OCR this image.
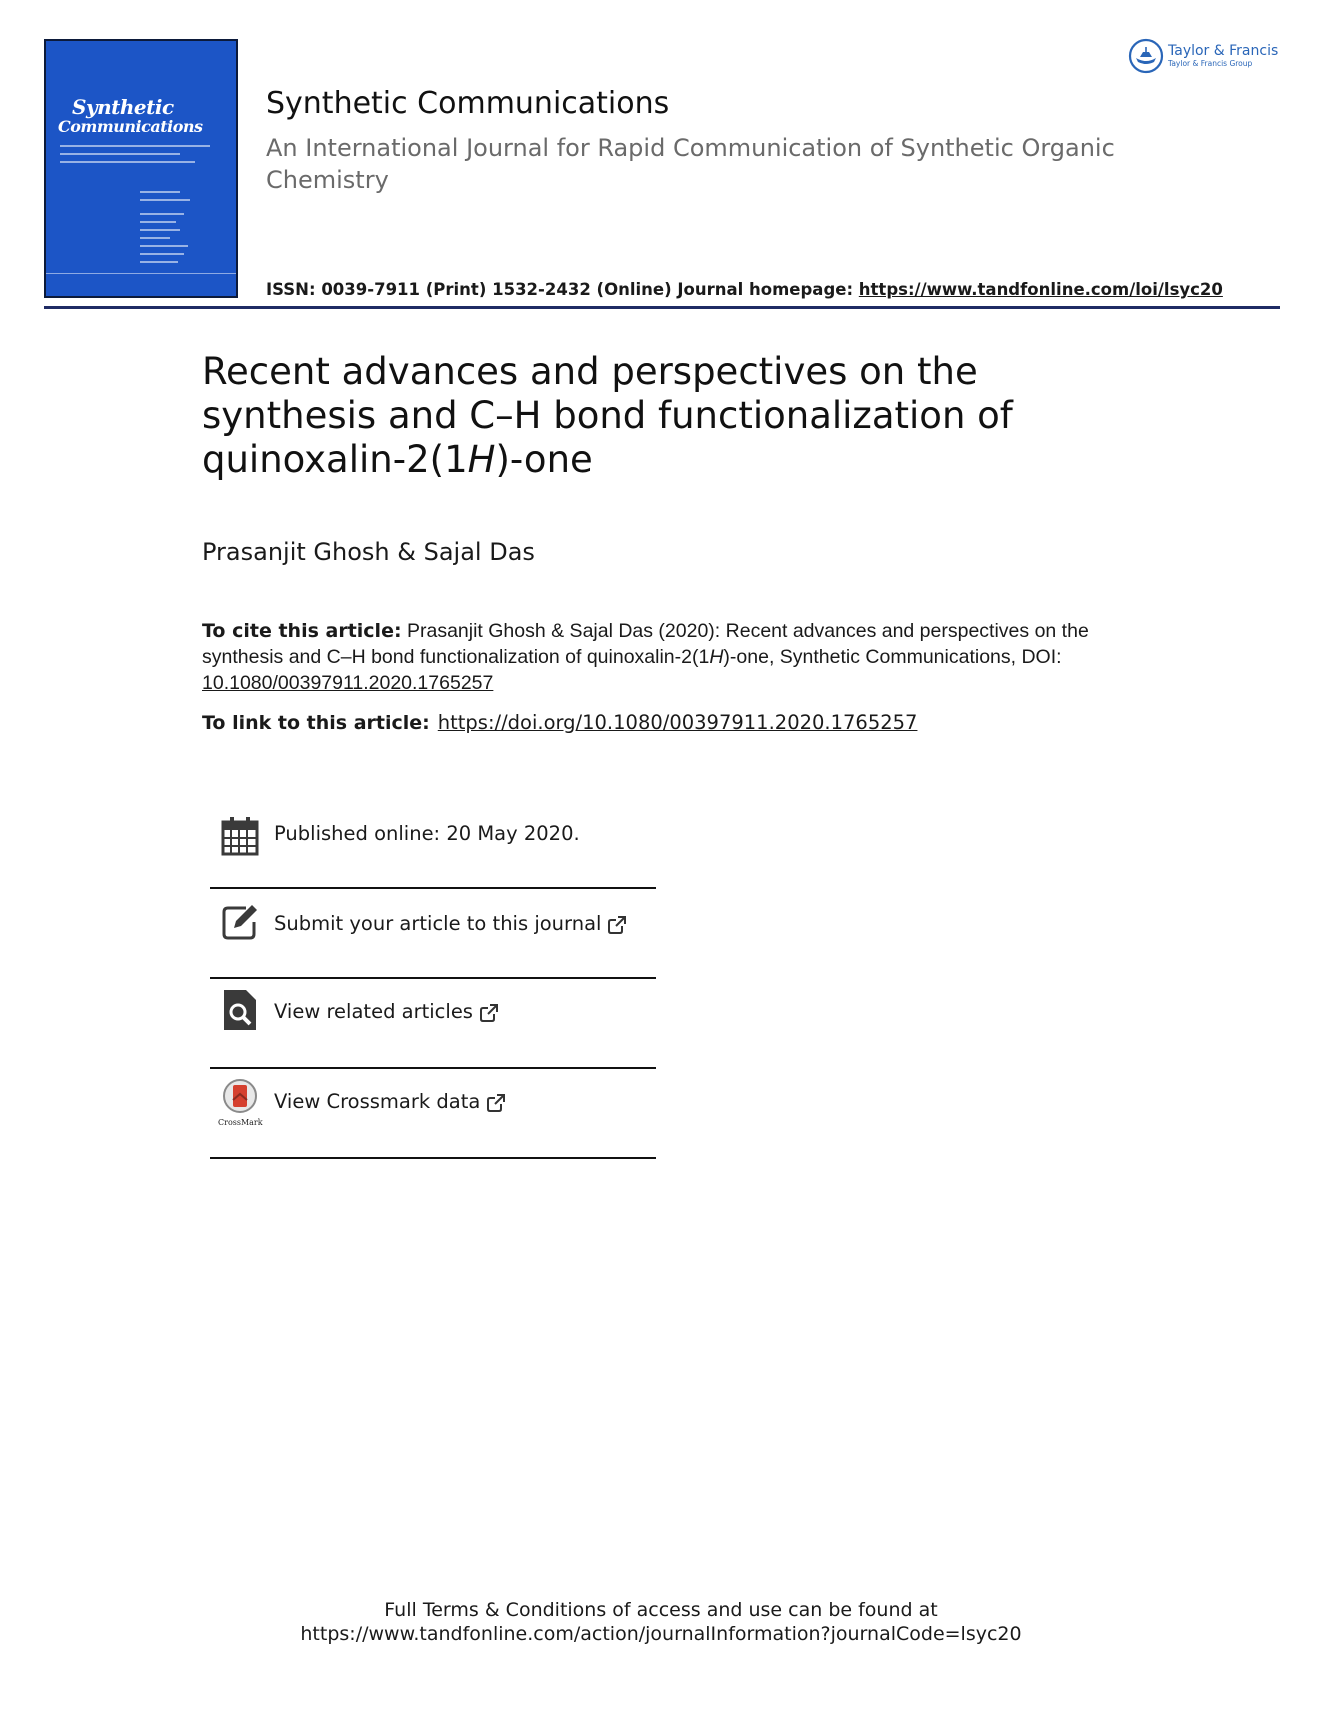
Synthetic
Communications
Synthetic Communications
An International Journal for Rapid Communication of Synthetic Organic Chemistry
ISSN: 0039-7911 (Print) 1532-2432 (Online) Journal homepage: https://www.tandfonline.com/loi/lsyc20
Taylor & Francis
Taylor & Francis Group
Recent advances and perspectives on the synthesis and C–H bond functionalization of quinoxalin-2(1H)-one
Prasanjit Ghosh & Sajal Das
To cite this article: Prasanjit Ghosh & Sajal Das (2020): Recent advances and perspectives on the synthesis and C–H bond functionalization of quinoxalin-2(1H)-one, Synthetic Communications, DOI: 10.1080/00397911.2020.1765257
To link to this article: https://doi.org/10.1080/00397911.2020.1765257
Published online: 20 May 2020.
Submit your article to this journal
View related articles
CrossMark
View Crossmark data
Full Terms & Conditions of access and use can be found at
https://www.tandfonline.com/action/journalInformation?journalCode=lsyc20
